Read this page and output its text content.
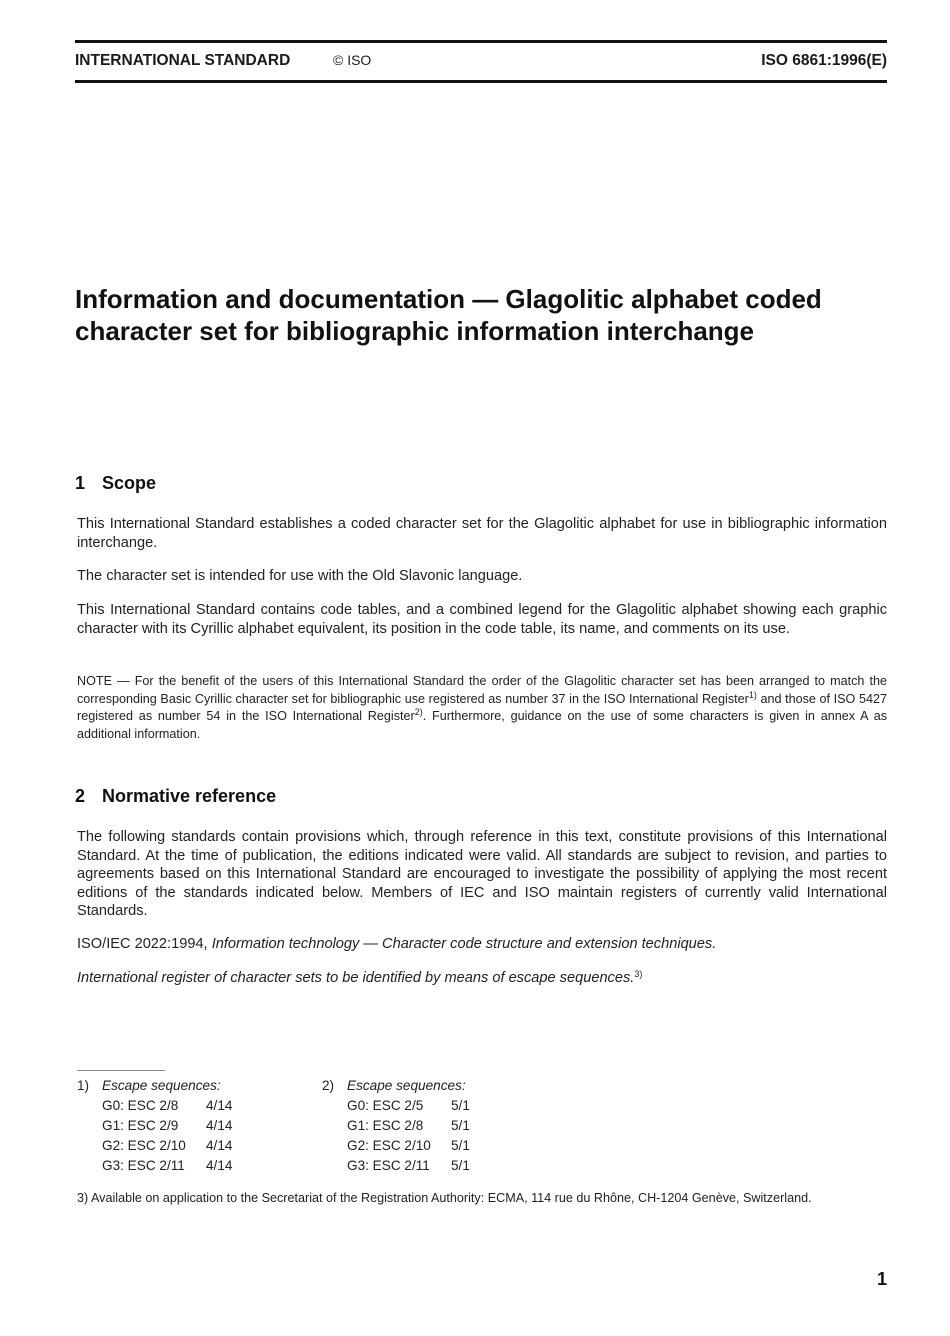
INTERNATIONAL STANDARD	© ISO	ISO 6861:1996(E)
Information and documentation — Glagolitic alphabet coded character set for bibliographic information interchange
1 Scope

This International Standard establishes a coded character set for the Glagolitic alphabet for use in bibliographic information interchange.

The character set is intended for use with the Old Slavonic language.

This International Standard contains code tables, and a combined legend for the Glagolitic alphabet showing each graphic character with its Cyrillic alphabet equivalent, its position in the code table, its name, and comments on its use.

NOTE — For the benefit of the users of this International Standard the order of the Glagolitic character set has been arranged to match the corresponding Basic Cyrillic character set for bibliographic use registered as number 37 in the ISO International Register$^{1)}$ and those of ISO 5427 registered as number 54 in the ISO International Register$^{2)}$. Furthermore, guidance on the use of some characters is given in annex A as additional information.

2 Normative reference

The following standards contain provisions which, through reference in this text, constitute provisions of this International Standard. At the time of publication, the editions indicated were valid. All standards are subject to revision, and parties to agreements based on this International Standard are encouraged to investigate the possibility of applying the most recent editions of the standards indicated below. Members of IEC and ISO maintain registers of currently valid International Standards.

ISO/IEC 2022:1994, Information technology — Character code structure and extension techniques.

International register of character sets to be identified by means of escape sequences.$^{3)}$

1) Escape sequences:
G0: ESC 2/8	4/14
G1: ESC 2/9	4/14
G2: ESC 2/10	4/14
G3: ESC 2/11	4/14
2) Escape sequences:
G0: ESC 2/5	5/1
G1: ESC 2/8	5/1
G2: ESC 2/10	5/1
G3: ESC 2/11	5/1

3) Available on application to the Secretariat of the Registration Authority: ECMA, 114 rue du Rhône, CH-1204 Genève, Switzerland.

1
